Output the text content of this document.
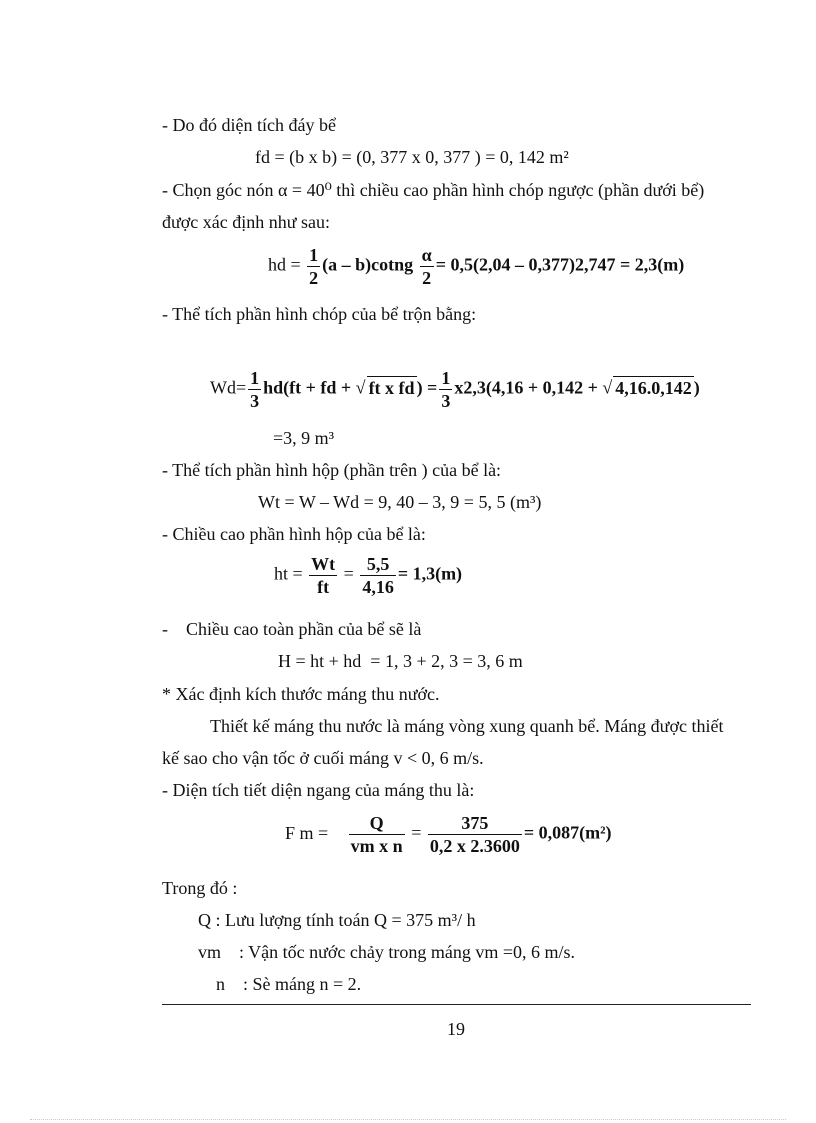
- Do đó diện tích đáy bể
fd = (b x b) = (0, 377 x 0, 377 ) = 0, 142 m²
- Chọn góc nón α = 40⁰ thì chiều cao phần hình chóp ngược (phần dưới bể)
được xác định như sau:
hd = $\frac{1}{2} (a$ – b)cotng $\frac{\alpha}{2} = 0,5(2,04 - 0,377)2,747 = 2,3(m)$
- Thể tích phần hình chóp của bể trộn bằng:
$Wd= \frac{1}{3} hd(ft$ + fd + √ ft x fd ) = $\frac{1}{3} x2,3(4,16 + 0,142$ + √ 4,16.0,142 )
=3, 9 m³
- Thể tích phần hình hộp (phần trên ) của bể là:
Wt = W – Wd = 9, 40 – 3, 9 = 5, 5 (m³)
- Chiều cao phần hình hộp của bể là:
ht = $\frac{Wt}{ft} = \frac{5,5}{4,16} = 1,3(m)$
-    Chiều cao toàn phần của bể sẽ là
H = ht + hd  = 1, 3 + 2, 3 = 3, 6 m
* Xác định kích thước máng thu nước.
Thiết kế máng thu nước là máng vòng xung quanh bể. Máng được thiết
kế sao cho vận tốc ở cuối máng v < 0, 6 m/s.
- Diện tích tiết diện ngang của máng thu là:
F $m = \frac{Q}{\text{vm x n}} = \frac{375}{0,2 x 2.3600} = 0,087(m^2)$
Trong đó :
Q : Lưu lượng tính toán Q = 375 m³/ h
vm    : Vận tốc nước chảy trong máng vm =0, 6 m/s.
n    : Sè máng n = 2.
19
